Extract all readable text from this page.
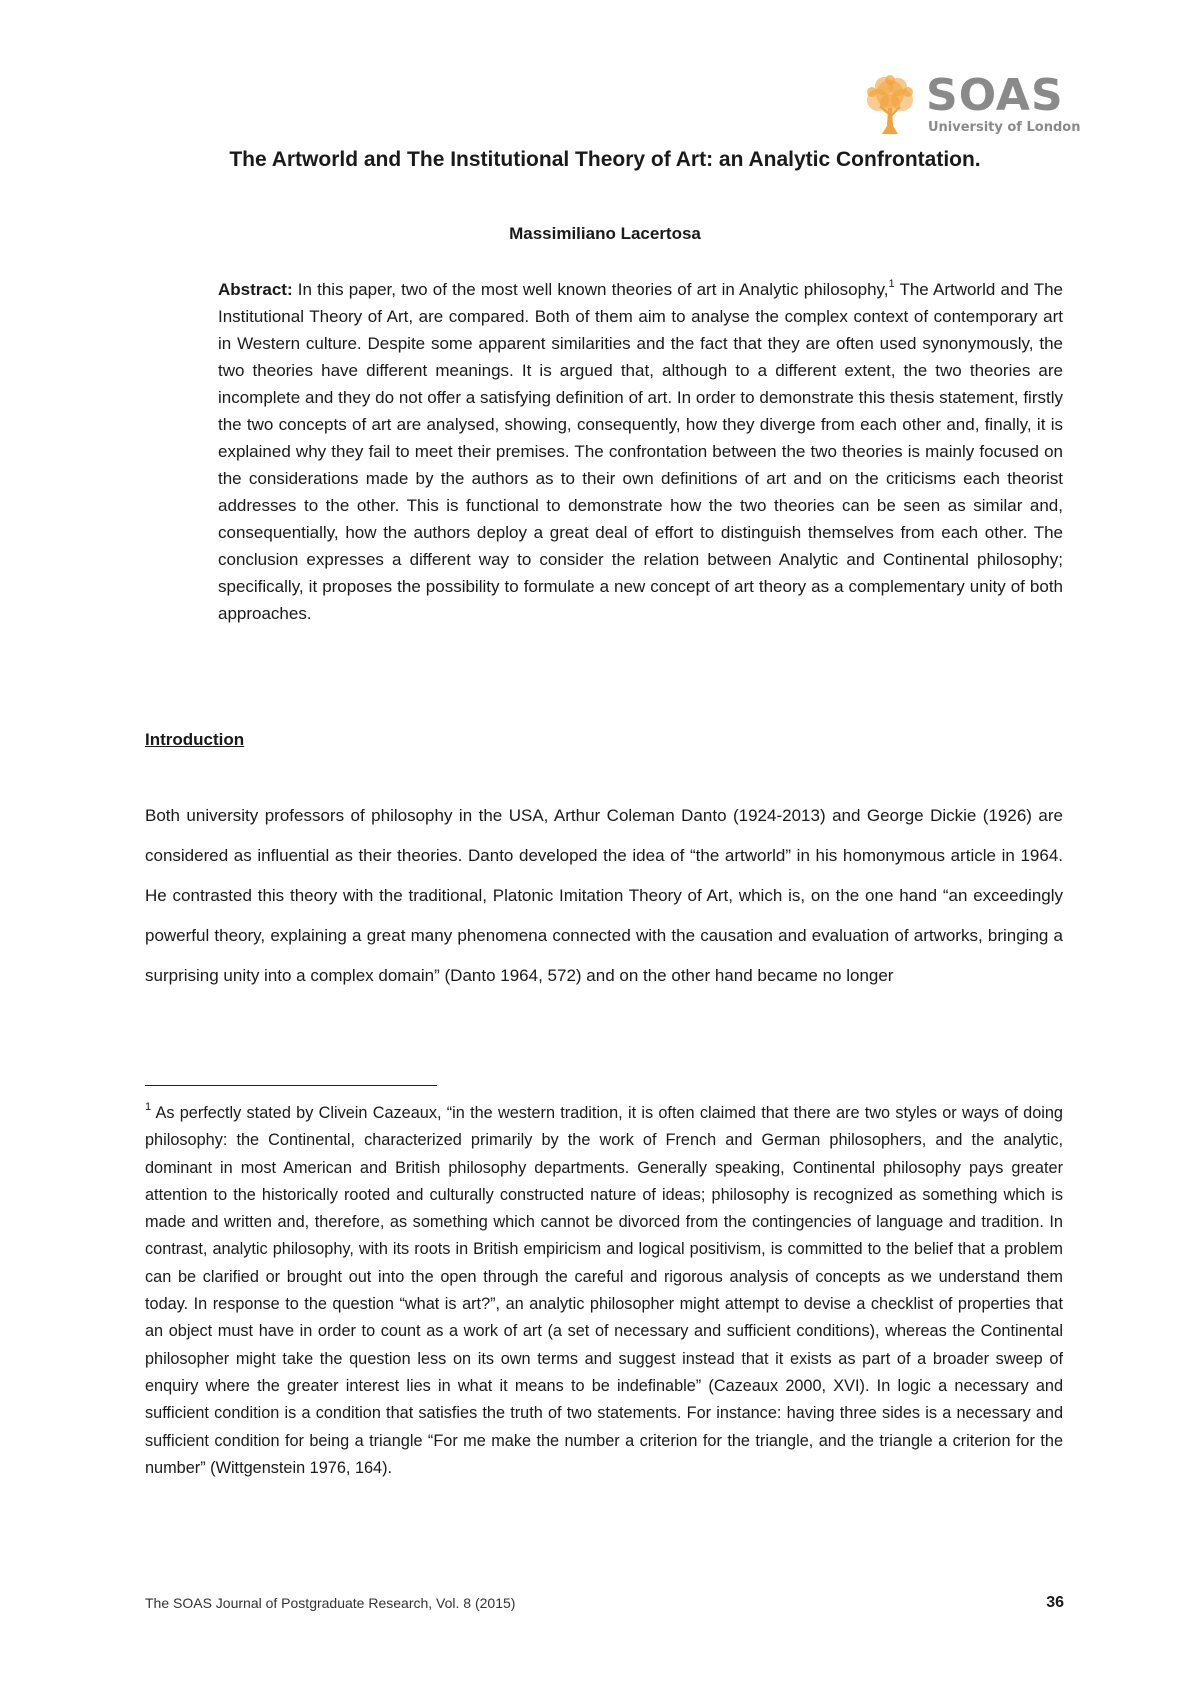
SOAS
University of London
The Artworld and The Institutional Theory of Art: an Analytic Confrontation.

Massimiliano Lacertosa

Abstract: In this paper, two of the most well known theories of art in Analytic philosophy,$^1$ The Artworld and The Institutional Theory of Art, are compared. Both of them aim to analyse the complex context of contemporary art in Western culture. Despite some apparent similarities and the fact that they are often used synonymously, the two theories have different meanings. It is argued that, although to a different extent, the two theories are incomplete and they do not offer a satisfying definition of art. In order to demonstrate this thesis statement, firstly the two concepts of art are analysed, showing, consequently, how they diverge from each other and, finally, it is explained why they fail to meet their premises. The confrontation between the two theories is mainly focused on the considerations made by the authors as to their own definitions of art and on the criticisms each theorist addresses to the other. This is functional to demonstrate how the two theories can be seen as similar and, consequentially, how the authors deploy a great deal of effort to distinguish themselves from each other. The conclusion expresses a different way to consider the relation between Analytic and Continental philosophy; specifically, it proposes the possibility to formulate a new concept of art theory as a complementary unity of both approaches.

Introduction

Both university professors of philosophy in the USA, Arthur Coleman Danto (1924-2013) and George Dickie (1926) are considered as influential as their theories. Danto developed the idea of “the artworld” in his homonymous article in 1964. He contrasted this theory with the traditional, Platonic Imitation Theory of Art, which is, on the one hand “an exceedingly powerful theory, explaining a great many phenomena connected with the causation and evaluation of artworks, bringing a surprising unity into a complex domain” (Danto 1964, 572) and on the other hand became no longer

$^1$ As perfectly stated by Clivein Cazeaux, “in the western tradition, it is often claimed that there are two styles or ways of doing philosophy: the Continental, characterized primarily by the work of French and German philosophers, and the analytic, dominant in most American and British philosophy departments. Generally speaking, Continental philosophy pays greater attention to the historically rooted and culturally constructed nature of ideas; philosophy is recognized as something which is made and written and, therefore, as something which cannot be divorced from the contingencies of language and tradition. In contrast, analytic philosophy, with its roots in British empiricism and logical positivism, is committed to the belief that a problem can be clarified or brought out into the open through the careful and rigorous analysis of concepts as we understand them today. In response to the question “what is art?”, an analytic philosopher might attempt to devise a checklist of properties that an object must have in order to count as a work of art (a set of necessary and sufficient conditions), whereas the Continental philosopher might take the question less on its own terms and suggest instead that it exists as part of a broader sweep of enquiry where the greater interest lies in what it means to be indefinable” (Cazeaux 2000, XVI). In logic a necessary and sufficient condition is a condition that satisfies the truth of two statements. For instance: having three sides is a necessary and sufficient condition for being a triangle “For me make the number a criterion for the triangle, and the triangle a criterion for the number” (Wittgenstein 1976, 164).

The SOAS Journal of Postgraduate Research, Vol. 8 (2015)	36
